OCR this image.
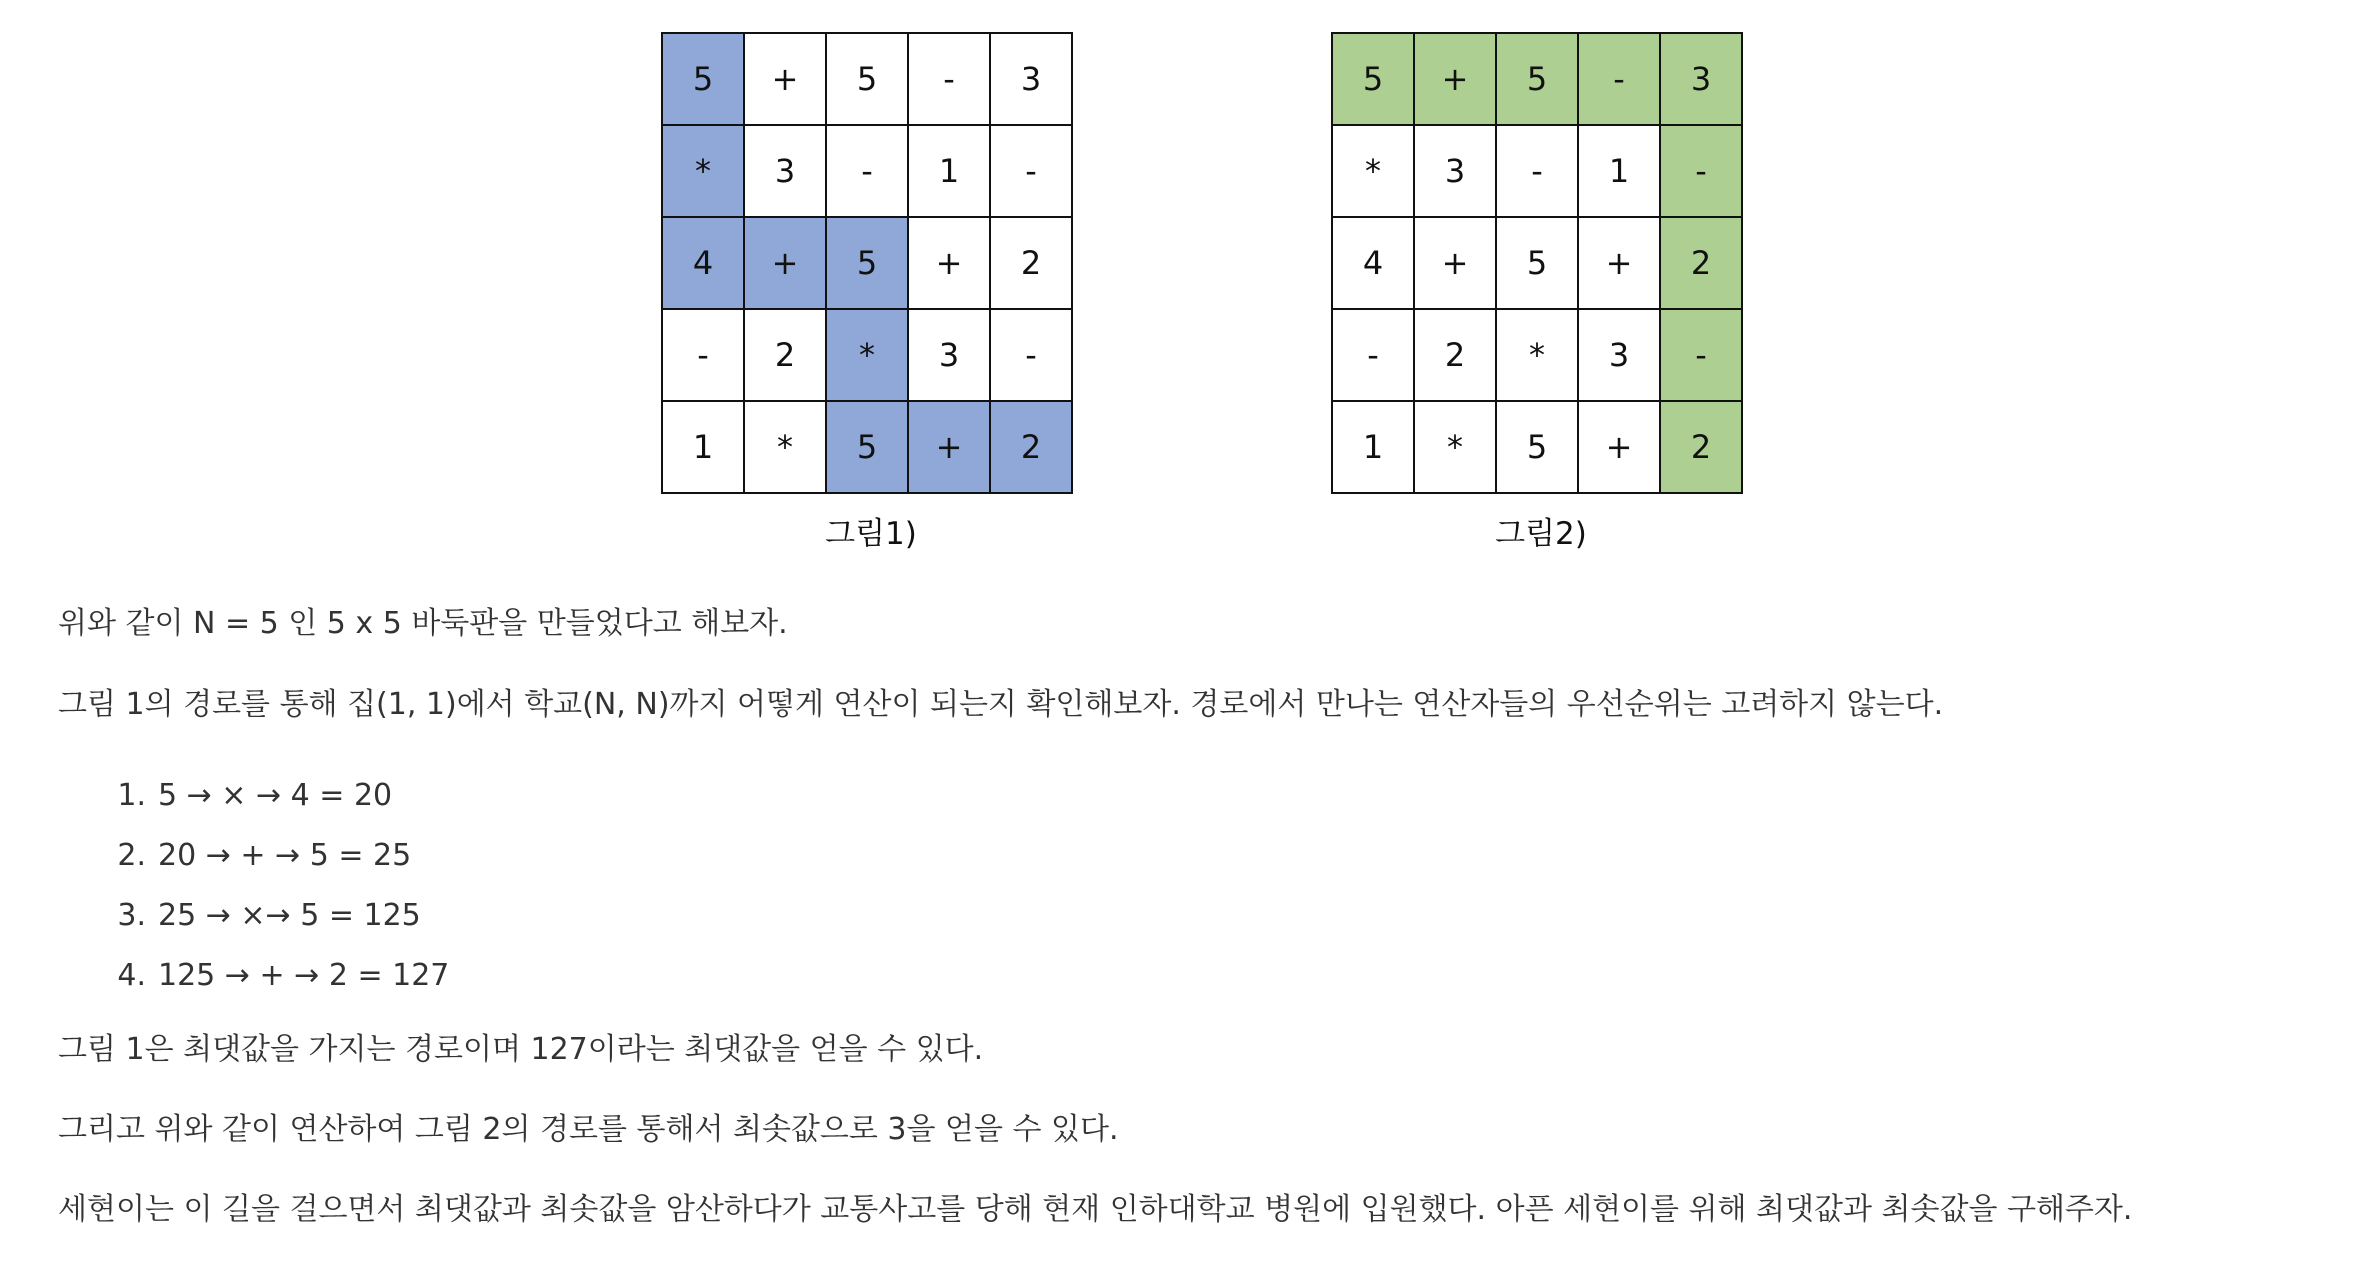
5	+	5	-	3
*	3	-	1	-
4	+	5	+	2
-	2	*	3	-
1	*	5	+	2
그림1)
5	+	5	-	3
*	3	-	1	-
4	+	5	+	2
-	2	*	3	-
1	*	5	+	2
그림2)

위와 같이 N = 5 인 5 x 5 바둑판을 만들었다고 해보자.

그림 1의 경로를 통해 집(1, 1)에서 학교(N, N)까지 어떻게 연산이 되는지 확인해보자. 경로에서 만나는 연산자들의 우선순위는 고려하지 않는다.

1. 5 → × → 4 = 20
2. 20 → + → 5 = 25
3. 25 → ×→ 5 = 125
4. 125 → + → 2 = 127

그림 1은 최댓값을 가지는 경로이며 127이라는 최댓값을 얻을 수 있다.

그리고 위와 같이 연산하여 그림 2의 경로를 통해서 최솟값으로 3을 얻을 수 있다.

세현이는 이 길을 걸으면서 최댓값과 최솟값을 암산하다가 교통사고를 당해 현재 인하대학교 병원에 입원했다. 아픈 세현이를 위해 최댓값과 최솟값을 구해주자.
